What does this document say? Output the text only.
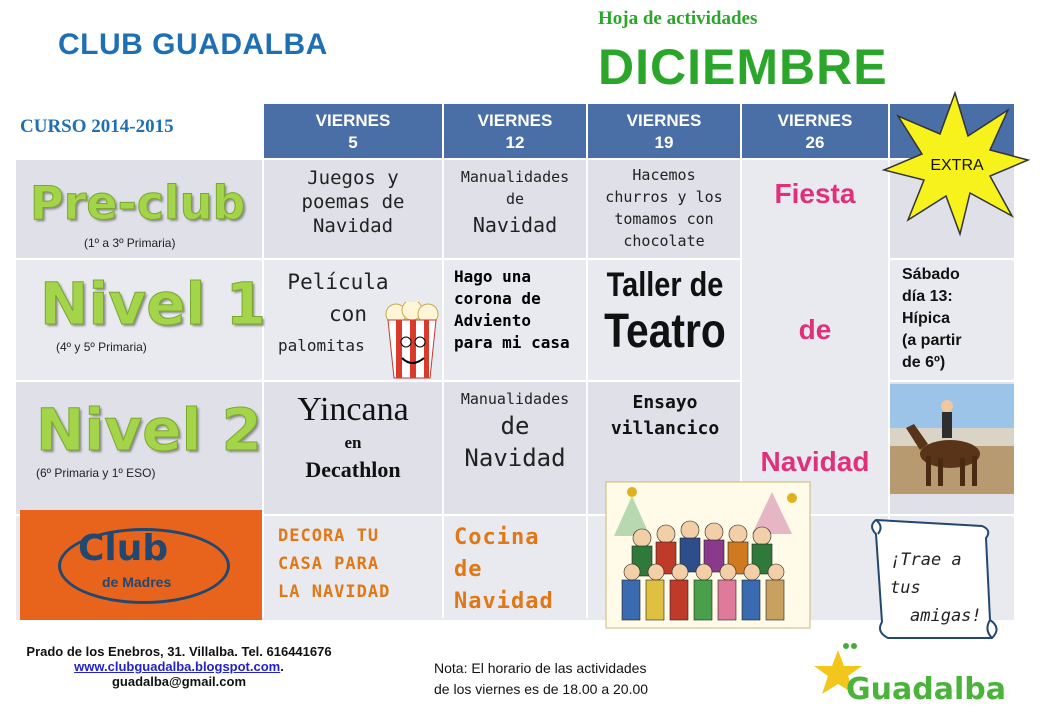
CLUB GUADALBA
Hoja de actividades
DICIEMBRE
CURSO 2014-2015	VIERNES
5
VIERNES
12
VIERNES
19
VIERNES
26
Pre-club
(1º a 3º Primaria)
Nivel 1
(4º y 5º Primaria)
Nivel 2
(6º Primaria y 1º ESO)
Club
de Madres
Juegos y
poemas de
Navidad
Manualidades
de
Navidad
Hacemos
churros y los
tomamos con
chocolate
Fiesta
de
Navidad
EXTRA
Película
con
palomitas
Hago una
corona de
Adviento
para mi casa
Taller de
Teatro
Sábado
día 13:
Hípica
(a partir
de 6º)
Yincana
en
Decathlon
Manualidades
de
Navidad
Ensayo
villancico
DECORA TU
CASA PARA
LA NAVIDAD
Cocina
de
Navidad
¡Trae a
tus
amigas!
Prado de los Enebros, 31. Villalba. Tel. 616441676
www.clubguadalba.blogspot.com.
guadalba@gmail.com
Nota: El horario de las actividades
de los viernes es de 18.00 a 20.00	Guadalba
